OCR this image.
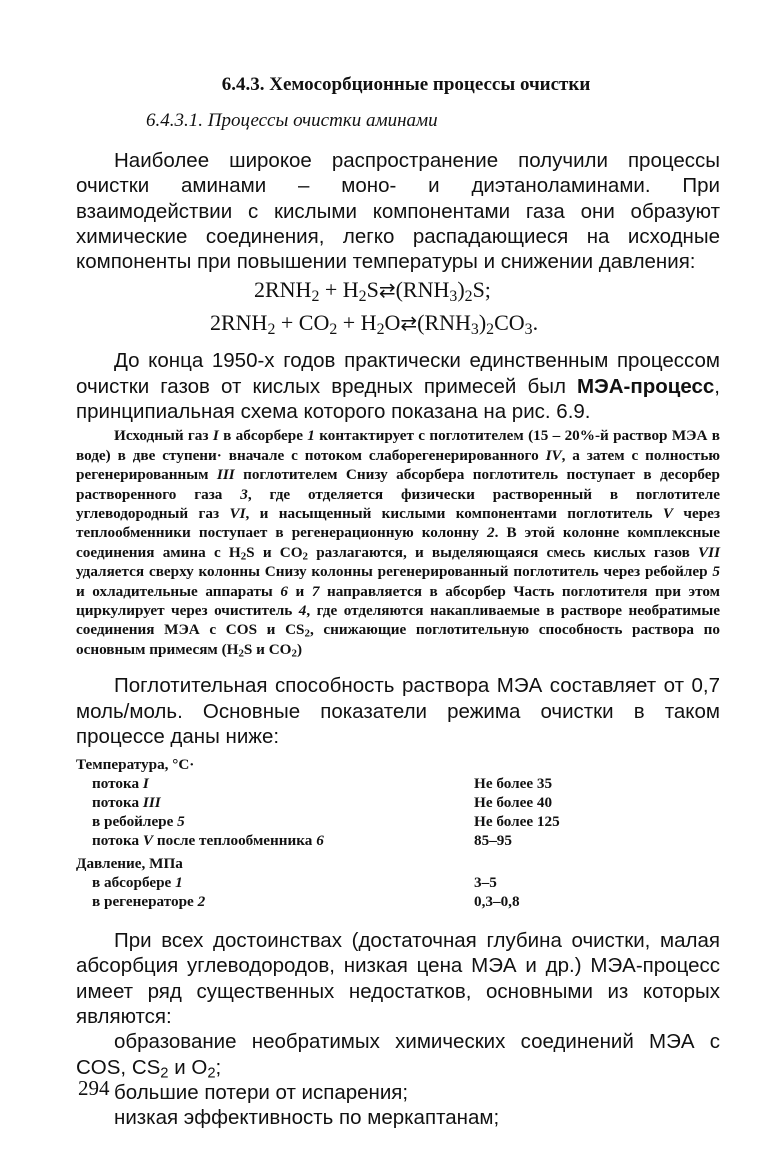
6.4.3. Хемосорбционные процессы очистки
6.4.3.1. Процессы очистки аминами

Наиболее широкое распространение получили процессы очистки аминами – моно- и диэтаноламинами. При взаимодействии с кислыми компонентами газа они образуют химические соединения, легко распадающиеся на исходные компоненты при повышении температуры и снижении давления:

$2RNH_2$ + $H_2S⇄(RNH_3)_2S$;
$2RNH_2 + CO_2$ + $H_2O⇄(RNH_3)_2CO_3$.

До конца 1950-х годов практически единственным процессом очистки газов от кислых вредных примесей был МЭА-процесс, принципиальная схема которого показана на рис. 6.9.

Исходный газ I в абсорбере 1 контактирует с поглотителем (15 – 20%-й раствор МЭА в воде) в две ступени· вначале с потоком слаборегенерированного IV, а затем с полностью регенерированным III поглотителем Снизу абсорбера поглотитель поступает в десорбер растворенного газа 3, где отделяется физически растворенный в поглотителе углеводородный газ VI, и насыщенный кислыми компонентами поглотитель V через теплообменники поступает в регенерационную колонну 2. В этой колонне комплексные соединения амина с $H_2S$ и $CO_2$ разлагаются, и выделяющаяся смесь кислых газов VII удаляется сверху колонны Снизу колонны регенерированный поглотитель через ребойлер 5 и охладительные аппараты 6 и 7 направляется в абсорбер Часть поглотителя при этом циркулирует через очиститель 4, где отделяются накапливаемые в растворе необратимые соединения МЭА с COS и $CS_2$, снижающие поглотительную способность раствора по основным примесям ($H_2S$ и $CO_2$)

Поглотительная способность раствора МЭА составляет от 0,7 моль/моль. Основные показатели режима очистки в таком процессе даны ниже:

Температура, °C·
потока I	Не более 35
потока III	Не более 40
в ребойлере 5	Не более 125
потока V после теплообменника 6	85–95
Давление, МПа
в абсорбере 1	3–5
в регенераторе 2	0,3–0,8

При всех достоинствах (достаточная глубина очистки, малая абсорбция углеводородов, низкая цена МЭА и др.) МЭА-процесс имеет ряд существенных недостатков, основными из которых являются:

образование необратимых химических соединений МЭА с COS, $CS_2$ и $O_2$;

большие потери от испарения;

низкая эффективность по меркаптанам;

294
